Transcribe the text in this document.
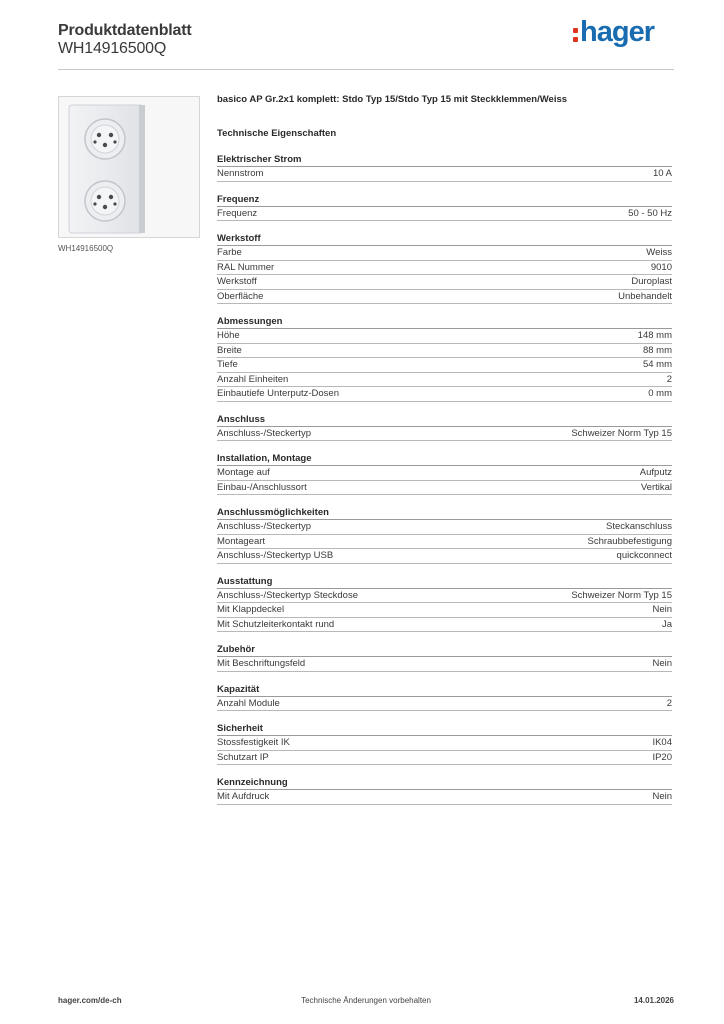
Produktdatenblatt
WH14916500Q
hager
WH14916500Q
basico AP Gr.2x1 komplett: Stdo Typ 15/Stdo Typ 15 mit Steckklemmen/Weiss
Technische Eigenschaften
Elektrischer Strom
Nennstrom	10 A
Frequenz
Frequenz	50 - 50 Hz
Werkstoff
Farbe	Weiss
RAL Nummer	9010
Werkstoff	Duroplast
Oberfläche	Unbehandelt
Abmessungen
Höhe	148 mm
Breite	88 mm
Tiefe	54 mm
Anzahl Einheiten	2
Einbautiefe Unterputz-Dosen	0 mm
Anschluss
Anschluss-/Steckertyp	Schweizer Norm Typ 15
Installation, Montage
Montage auf	Aufputz
Einbau-/Anschlussort	Vertikal
Anschlussmöglichkeiten
Anschluss-/Steckertyp	Steckanschluss
Montageart	Schraubbefestigung
Anschluss-/Steckertyp USB	quickconnect
Ausstattung
Anschluss-/Steckertyp Steckdose	Schweizer Norm Typ 15
Mit Klappdeckel	Nein
Mit Schutzleiterkontakt rund	Ja
Zubehör
Mit Beschriftungsfeld	Nein
Kapazität
Anzahl Module	2
Sicherheit
Stossfestigkeit IK	IK04
Schutzart IP	IP20
Kennzeichnung
Mit Aufdruck	Nein
hager.com/de-ch	Technische Änderungen vorbehalten	14.01.2026
